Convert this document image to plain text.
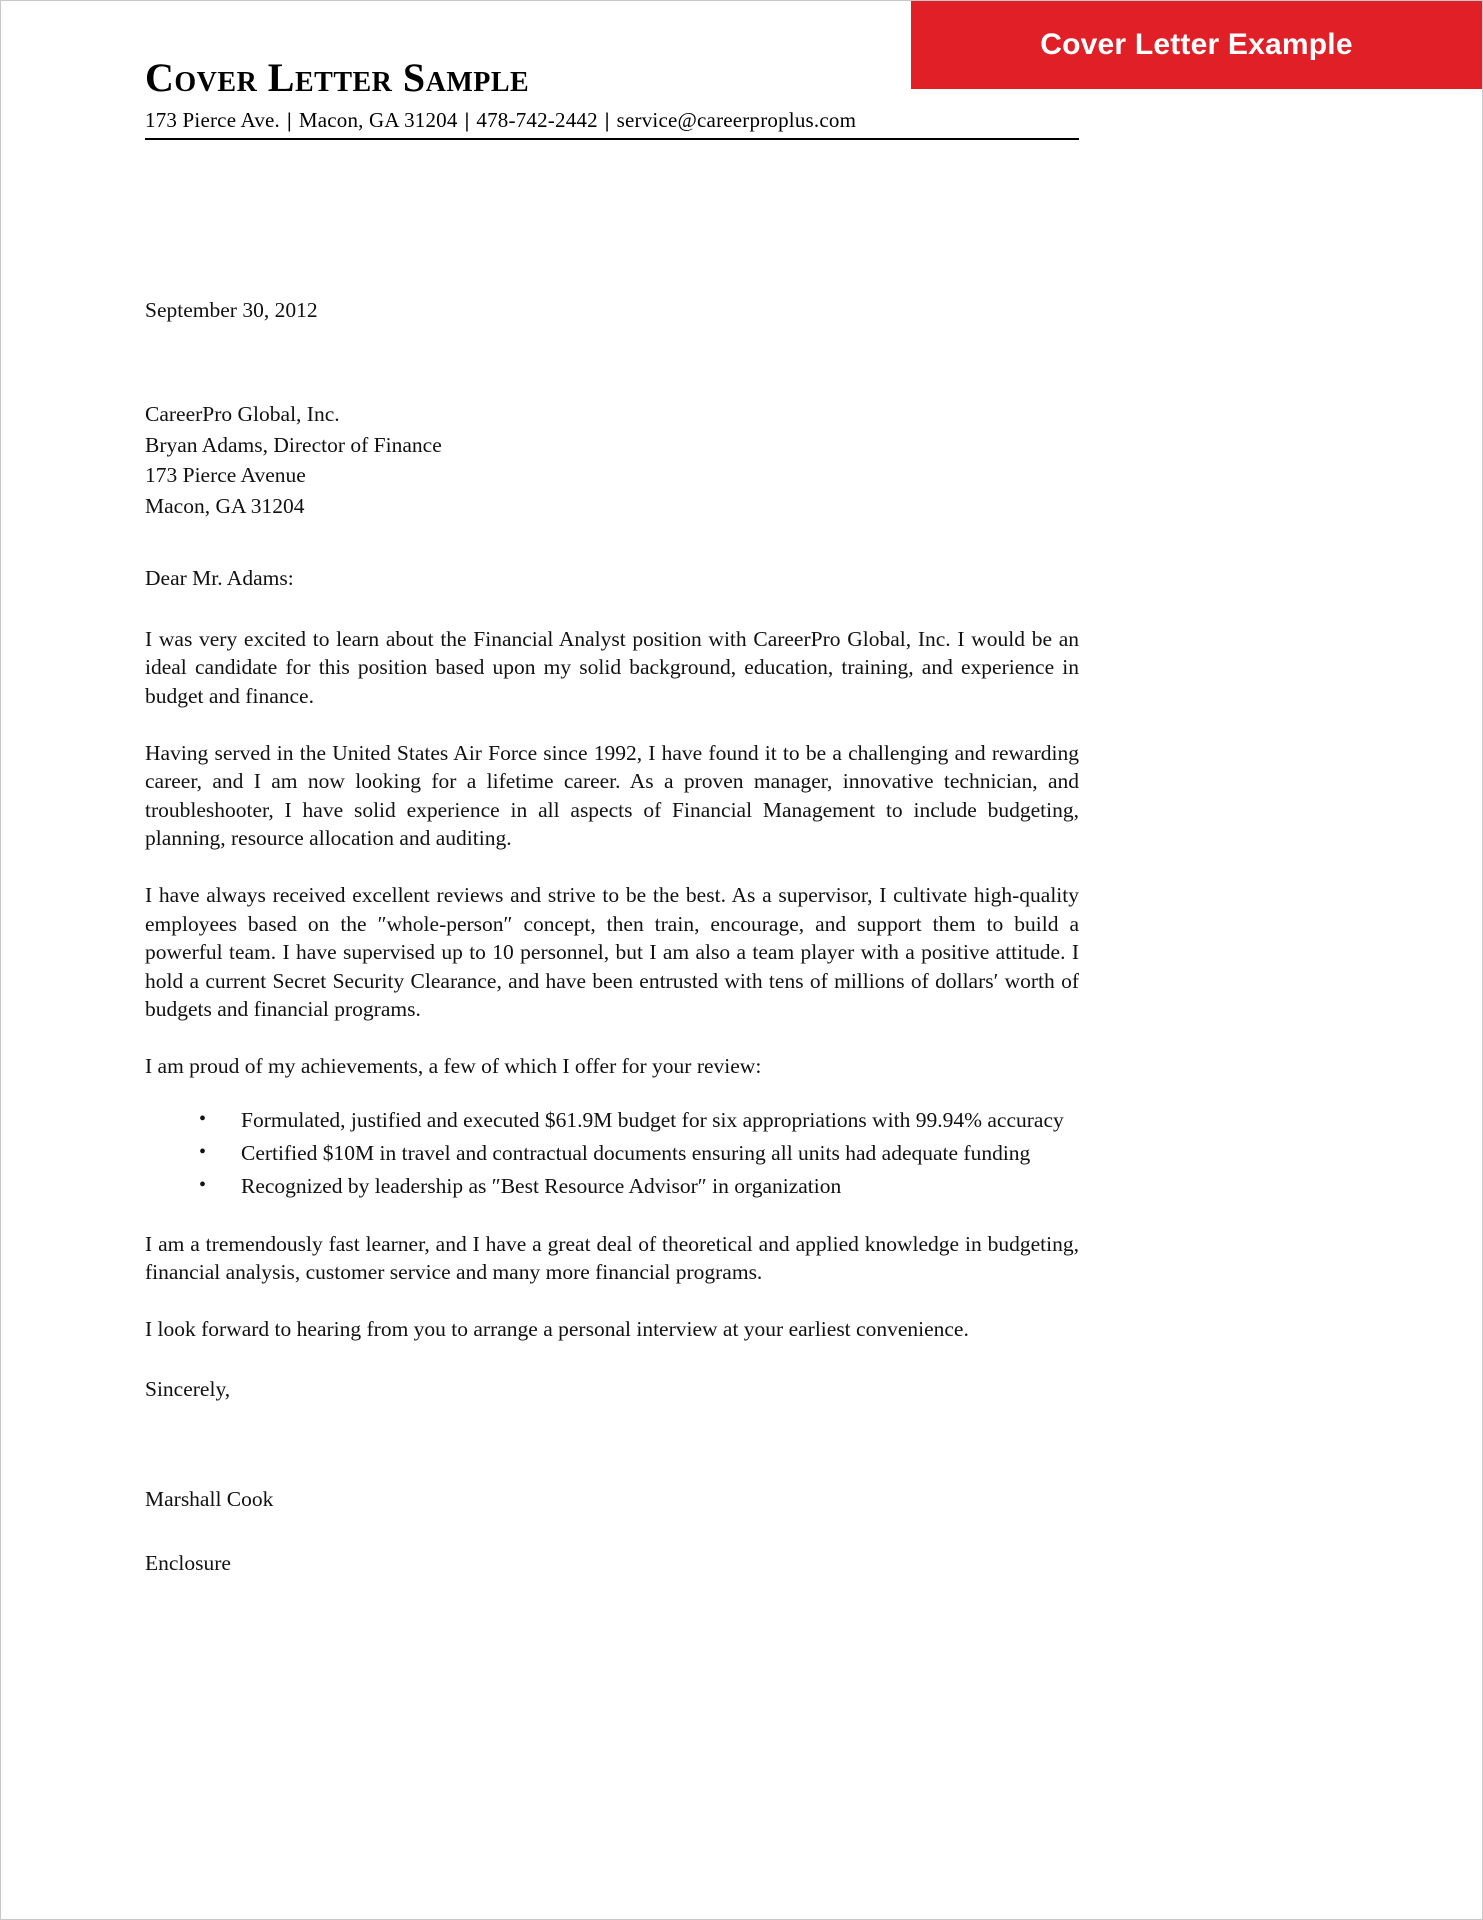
Cover Letter Example
Cover Letter Sample
173 Pierce Ave. | Macon, GA 31204 | 478-742-2442 | service@careerproplus.com
September 30, 2012
CareerPro Global, Inc.
Bryan Adams, Director of Finance
173 Pierce Avenue
Macon, GA 31204
Dear Mr. Adams:
I was very excited to learn about the Financial Analyst position with CareerPro Global, Inc. I would be an ideal candidate for this position based upon my solid background, education, training, and experience in budget and finance.
Having served in the United States Air Force since 1992, I have found it to be a challenging and rewarding career, and I am now looking for a lifetime career. As a proven manager, innovative technician, and troubleshooter, I have solid experience in all aspects of Financial Management to include budgeting, planning, resource allocation and auditing.
I have always received excellent reviews and strive to be the best. As a supervisor, I cultivate high-quality employees based on the ″whole-person″ concept, then train, encourage, and support them to build a powerful team. I have supervised up to 10 personnel, but I am also a team player with a positive attitude. I hold a current Secret Security Clearance, and have been entrusted with tens of millions of dollars′ worth of budgets and financial programs.
I am proud of my achievements, a few of which I offer for your review:
• Formulated, justified and executed $61.9M budget for six appropriations with 99.94% accuracy
• Certified $10M in travel and contractual documents ensuring all units had adequate funding
• Recognized by leadership as ″Best Resource Advisor″ in organization
I am a tremendously fast learner, and I have a great deal of theoretical and applied knowledge in budgeting, financial analysis, customer service and many more financial programs.
I look forward to hearing from you to arrange a personal interview at your earliest convenience.
Sincerely,
Marshall Cook
Enclosure
